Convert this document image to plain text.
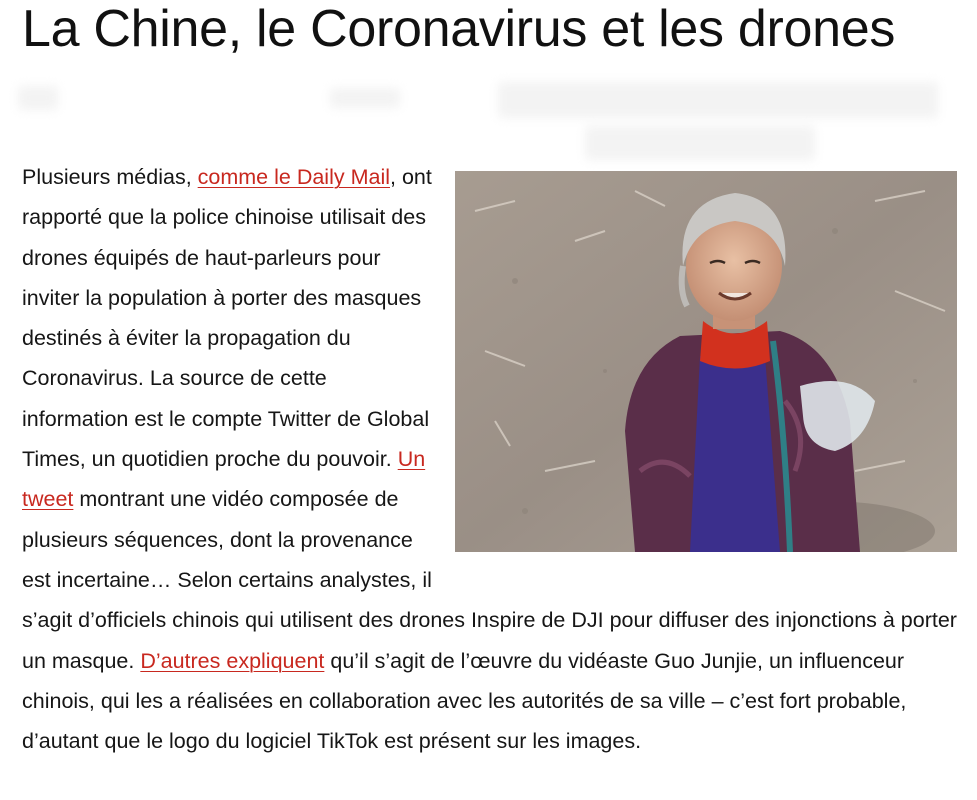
La Chine, le Coronavirus et les drones

Plusieurs médias, comme le Daily Mail, ont rapporté que la police chinoise utilisait des drones équipés de haut-parleurs pour inviter la population à porter des masques destinés à éviter la propagation du Coronavirus. La source de cette information est le compte Twitter de Global Times, un quotidien proche du pouvoir. Un tweet montrant une vidéo composée de plusieurs séquences, dont la provenance est incertaine… Selon certains analystes, il s’agit d’officiels chinois qui utilisent des drones Inspire de DJI pour diffuser des injonctions à porter un masque. D’autres expliquent qu’il s’agit de l’œuvre du vidéaste Guo Junjie, un influenceur chinois, qui les a réalisées en collaboration avec les autorités de sa ville – c’est fort probable, d’autant que le logo du logiciel TikTok est présent sur les images.
